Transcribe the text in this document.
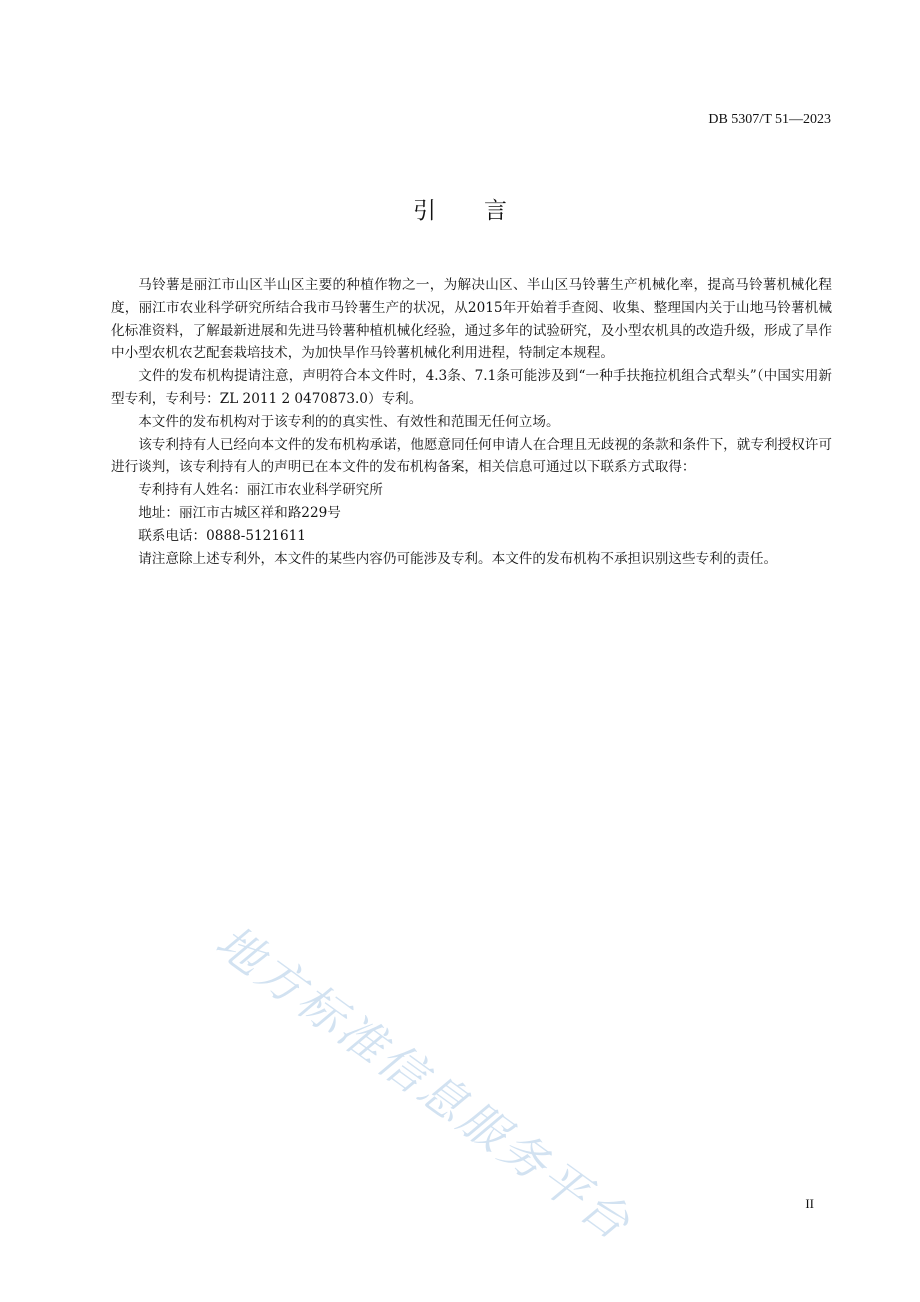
DB 5307/T 51—2023
引言

马铃薯是丽江市山区半山区主要的种植作物之一，为解决山区、半山区马铃薯生产机械化率，提高马铃薯机械化程度，丽江市农业科学研究所结合我市马铃薯生产的状况，从2015年开始着手查阅、收集、整理国内关于山地马铃薯机械化标准资料，了解最新进展和先进马铃薯种植机械化经验，通过多年的试验研究，及小型农机具的改造升级，形成了旱作中小型农机农艺配套栽培技术，为加快旱作马铃薯机械化利用进程，特制定本规程。

文件的发布机构提请注意，声明符合本文件时，4.3条、7.1条可能涉及到“一种手扶拖拉机组合式犁头”（中国实用新型专利，专利号：ZL 2011 2 0470873.0）专利。

本文件的发布机构对于该专利的的真实性、有效性和范围无任何立场。

该专利持有人已经向本文件的发布机构承诺，他愿意同任何申请人在合理且无歧视的条款和条件下，就专利授权许可进行谈判，该专利持有人的声明已在本文件的发布机构备案，相关信息可通过以下联系方式取得：

专利持有人姓名：丽江市农业科学研究所

地址：丽江市古城区祥和路229号

联系电话：0888-5121611

请注意除上述专利外，本文件的某些内容仍可能涉及专利。本文件的发布机构不承担识别这些专利的责任。

地方标准信息服务平台	II
